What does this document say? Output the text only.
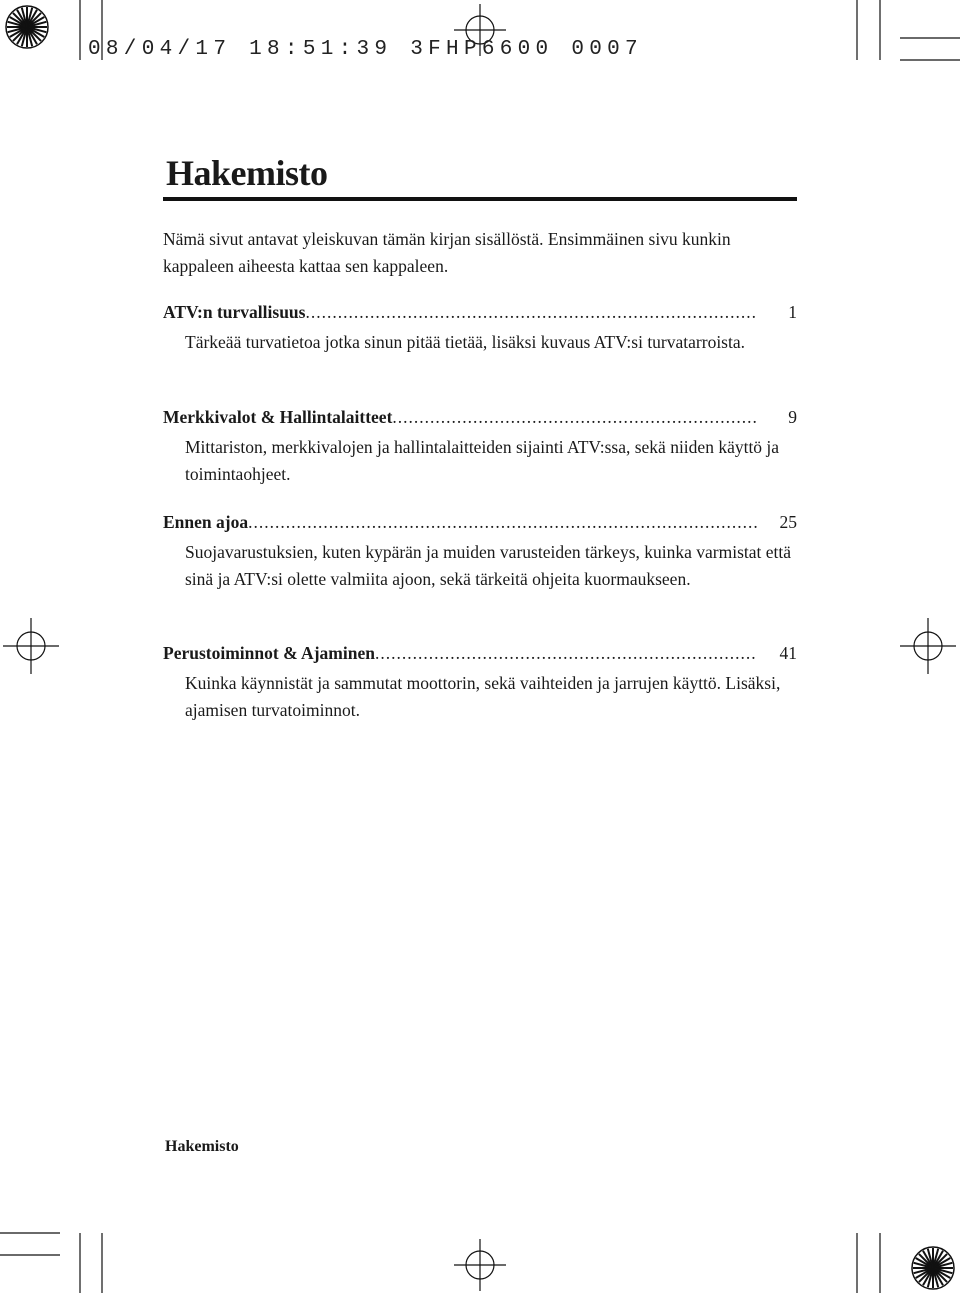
08/04/17 18:51:39 3FHP6600 0007
Hakemisto

Nämä sivut antavat yleiskuvan tämän kirjan sisällöstä. Ensimmäinen sivu kunkin kappaleen aiheesta kattaa sen kappaleen.

ATV:n turvallisuus .....	1
Tärkeää turvatietoa jotka sinun pitää tietää, lisäksi kuvaus ATV:si turvatarroista.
Merkkivalot & Hallintalaitteet .....	9
Mittariston, merkkivalojen ja hallintalaitteiden sijainti ATV:ssa, sekä niiden käyttö ja toimintaohjeet.
Ennen ajoa .....	25
Suojavarustuksien, kuten kypärän ja muiden varusteiden tärkeys, kuinka varmistat että sinä ja ATV:si olette valmiita ajoon, sekä tärkeitä ohjeita kuormaukseen.
Perustoiminnot & Ajaminen .....	41
Kuinka käynnistät ja sammutat moottorin, sekä vaihteiden ja jarrujen käyttö. Lisäksi, ajamisen turvatoiminnot.
Hakemisto
